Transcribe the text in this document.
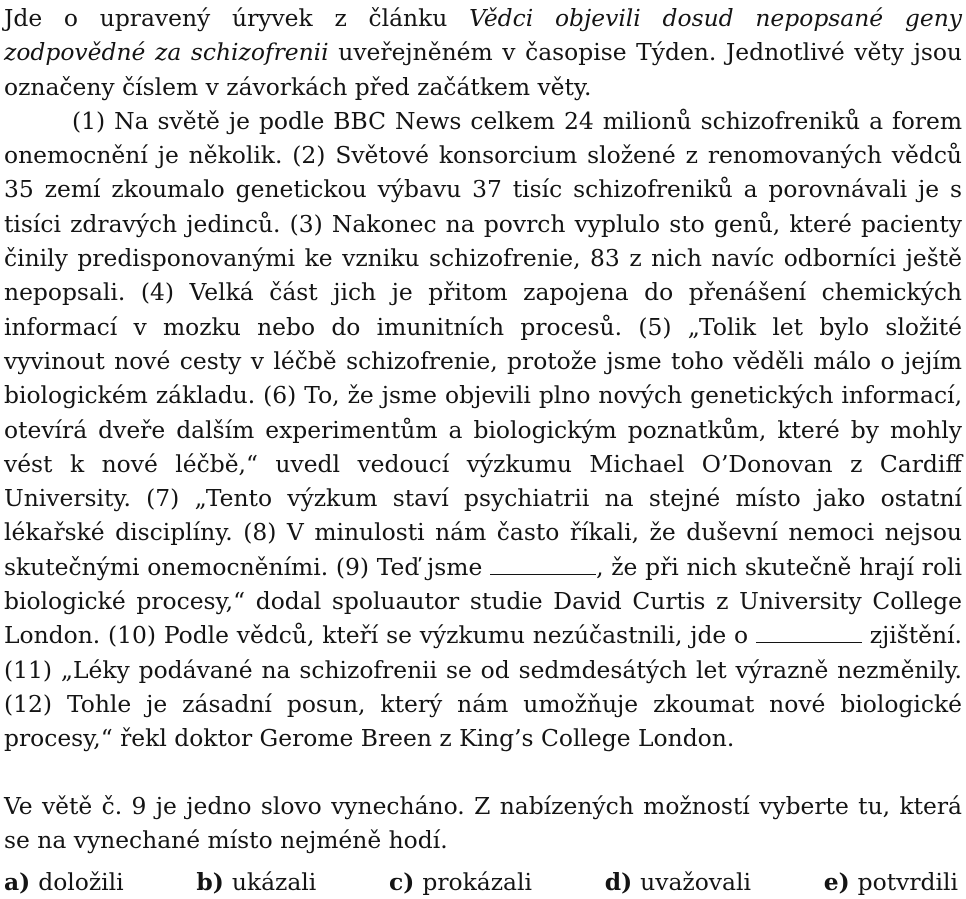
Jde o upravený úryvek z článku Vědci objevili dosud nepopsané geny zodpovědné za schizofrenii uveřejněném v časopise Týden. Jednotlivé věty jsou označeny číslem v závorkách před začátkem věty.

(1) Na světě je podle BBC News celkem 24 milionů schizofreniků a forem onemocnění je několik. (2) Světové konsorcium složené z renomovaných vědců 35 zemí zkoumalo genetickou výbavu 37 tisíc schizofreniků a porovnávali je s tisíci zdravých jedinců. (3) Nakonec na povrch vyplulo sto genů, které pacienty činily predisponovanými ke vzniku schizofrenie, 83 z nich navíc odborníci ještě nepopsali. (4) Velká část jich je přitom zapojena do přenášení chemických informací v mozku nebo do imunitních procesů. (5) „Tolik let bylo složité vyvinout nové cesty v léčbě schizofrenie, protože jsme toho věděli málo o jejím biologickém základu. (6) To, že jsme objevili plno nových genetických informací, otevírá dveře dalším experimentům a biologickým poznatkům, které by mohly vést k nové léčbě,“ uvedl vedoucí výzkumu Michael O’Donovan z Cardiff University. (7) „Tento výzkum staví psychiatrii na stejné místo jako ostatní lékařské disciplíny. (8) V minulosti nám často říkali, že duševní nemoci nejsou skutečnými onemocněními. (9) Teď jsme	, že při nich skutečně hrají roli biologické procesy,“ dodal spoluautor studie David Curtis z University College London. (10) Podle vědců, kteří se výzkumu nezúčastnili, jde o	zjištění. (11) „Léky podávané na schizofrenii se od sedmdesátých let výrazně nezměnily. (12) Tohle je zásadní posun, který nám umožňuje zkoumat nové biologické procesy,“ řekl doktor Gerome Breen z King’s College London.

Ve větě č. 9 je jedno slovo vynecháno. Z nabízených možností vyberte tu, která se na vynechané místo nejméně hodí.

a) doložili	b) ukázali	c) prokázali	d) uvažovali	e) potvrdili
